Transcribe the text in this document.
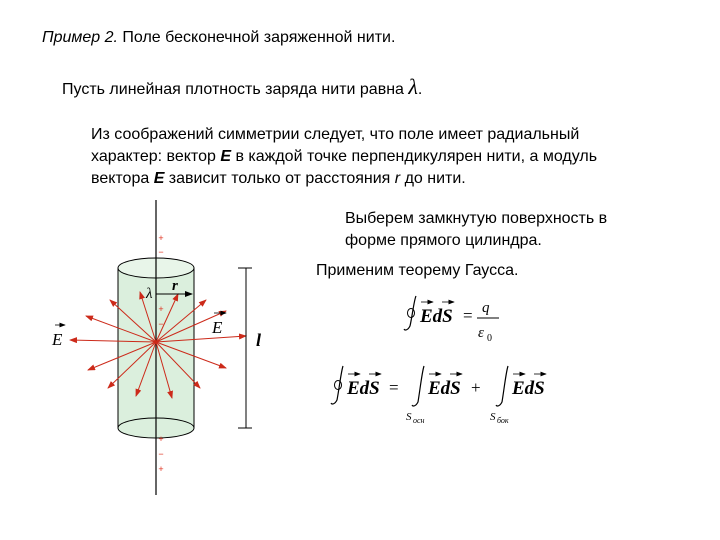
Пример 2. Поле бесконечной заряженной нити.
Пусть линейная плотность заряда нити равна λ.
Из соображений симметрии следует, что поле имеет радиальный
характер: вектор E в каждой точке перпендикулярен нити, а модуль
вектора E зависит только от расстояния r до нити.
Выберем замкнутую поверхность в
форме прямого цилиндра.
Применим теорему Гаусса.
+
−
+
−
+
−
+
λ r
E
E	l
EdS = q
ε 0
EdS = EdS
S осн
+ EdS
S бок
